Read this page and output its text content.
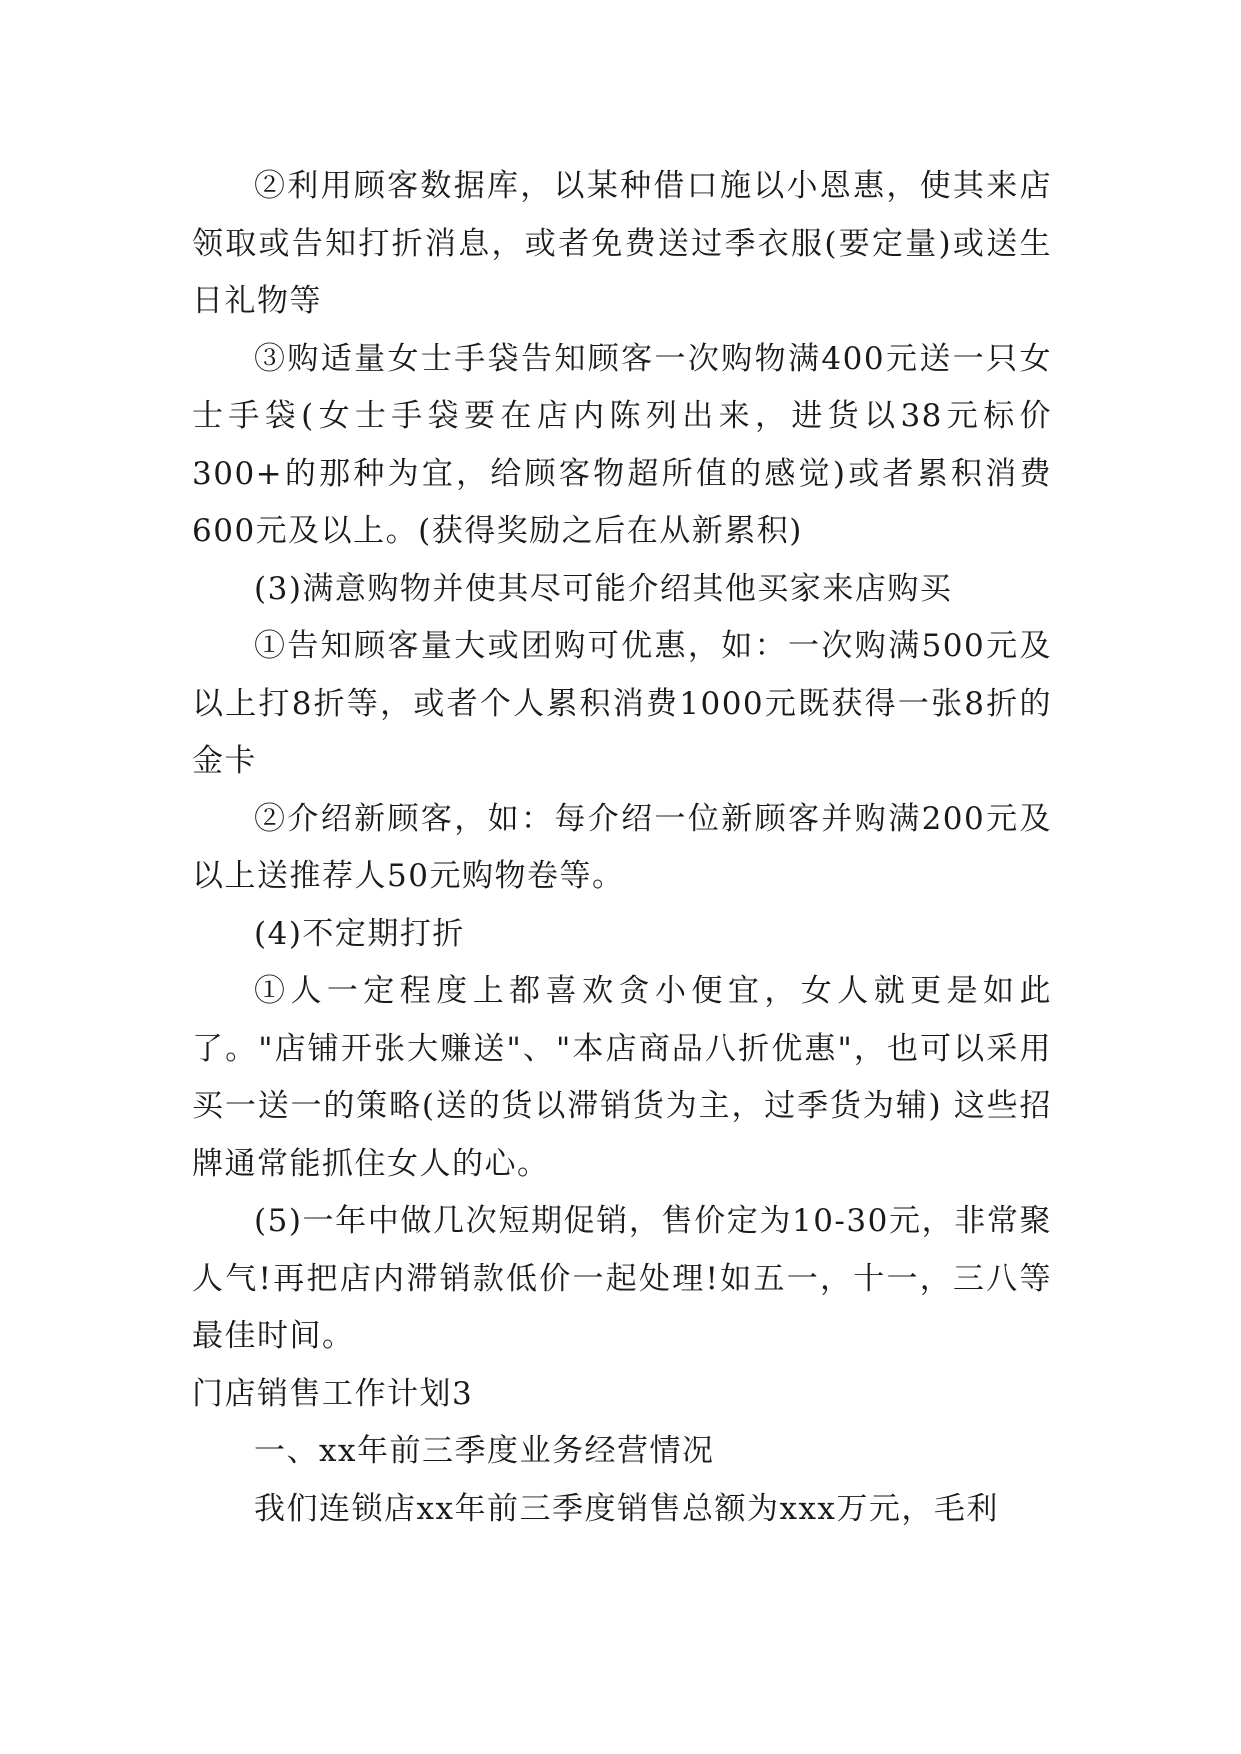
②利用顾客数据库，以某种借口施以小恩惠，使其来店领取或告知打折消息，或者免费送过季衣服(要定量)或送生日礼物等

③购适量女士手袋告知顾客一次购物满400元送一只女士手袋(女士手袋要在店内陈列出来，进货以38元标价300+的那种为宜，给顾客物超所值的感觉)或者累积消费600元及以上。(获得奖励之后在从新累积)

(3)满意购物并使其尽可能介绍其他买家来店购买

①告知顾客量大或团购可优惠，如：一次购满500元及以上打8折等，或者个人累积消费1000元既获得一张8折的金卡

②介绍新顾客，如：每介绍一位新顾客并购满200元及以上送推荐人50元购物卷等。

(4)不定期打折

①人一定程度上都喜欢贪小便宜，女人就更是如此了。"店铺开张大赚送"、"本店商品八折优惠"，也可以采用买一送一的策略(送的货以滞销货为主，过季货为辅) 这些招牌通常能抓住女人的心。

(5)一年中做几次短期促销，售价定为10-30元，非常聚人气!再把店内滞销款低价一起处理!如五一，十一，三八等最佳时间。

门店销售工作计划3

一、xx年前三季度业务经营情况

我们连锁店xx年前三季度销售总额为xxx万元，毛利
